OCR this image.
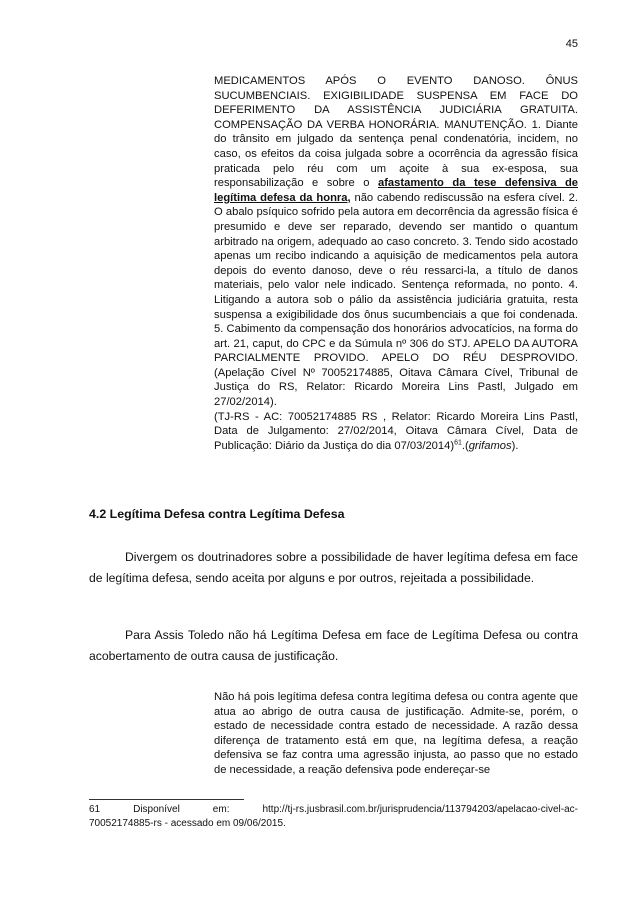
45

MEDICAMENTOS APÓS O EVENTO DANOSO. ÔNUS SUCUMBENCIAIS. EXIGIBILIDADE SUSPENSA EM FACE DO DEFERIMENTO DA ASSISTÊNCIA JUDICIÁRIA GRATUITA. COMPENSAÇÃO DA VERBA HONORÁRIA. MANUTENÇÃO. 1. Diante do trânsito em julgado da sentença penal condenatória, incidem, no caso, os efeitos da coisa julgada sobre a ocorrência da agressão física praticada pelo réu com um açoite à sua ex-esposa, sua responsabilização e sobre o afastamento da tese defensiva de legítima defesa da honra, não cabendo rediscussão na esfera cível. 2. O abalo psíquico sofrido pela autora em decorrência da agressão física é presumido e deve ser reparado, devendo ser mantido o quantum arbitrado na origem, adequado ao caso concreto. 3. Tendo sido acostado apenas um recibo indicando a aquisição de medicamentos pela autora depois do evento danoso, deve o réu ressarci-la, a título de danos materiais, pelo valor nele indicado. Sentença reformada, no ponto. 4. Litigando a autora sob o pálio da assistência judiciária gratuita, resta suspensa a exigibilidade dos ônus sucumbenciais a que foi condenada. 5. Cabimento da compensação dos honorários advocatícios, na forma do art. 21, caput, do CPC e da Súmula nº 306 do STJ. APELO DA AUTORA PARCIALMENTE PROVIDO. APELO DO RÉU DESPROVIDO. (Apelação Cível Nº 70052174885, Oitava Câmara Cível, Tribunal de Justiça do RS, Relator: Ricardo Moreira Lins Pastl, Julgado em 27/02/2014).

(TJ-RS - AC: 70052174885 RS , Relator: Ricardo Moreira Lins Pastl, Data de Julgamento: 27/02/2014, Oitava Câmara Cível, Data de Publicação: Diário da Justiça do dia 07/03/2014)$^{61}$.(grifamos).

4.2 Legítima Defesa contra Legítima Defesa

Divergem os doutrinadores sobre a possibilidade de haver legítima defesa em face de legítima defesa, sendo aceita por alguns e por outros, rejeitada a possibilidade.

Para Assis Toledo não há Legítima Defesa em face de Legítima Defesa ou contra acobertamento de outra causa de justificação.

Não há pois legítima defesa contra legítima defesa ou contra agente que atua ao abrigo de outra causa de justificação. Admite-se, porém, o estado de necessidade contra estado de necessidade. A razão dessa diferença de tratamento está em que, na legítima defesa, a reação defensiva se faz contra uma agressão injusta, ao passo que no estado de necessidade, a reação defensiva pode endereçar-se

61	Disponível	em:	http://tj-rs.jusbrasil.com.br/jurisprudencia/113794203/apelacao-civel-ac-
70052174885-rs - acessado em 09/06/2015.
